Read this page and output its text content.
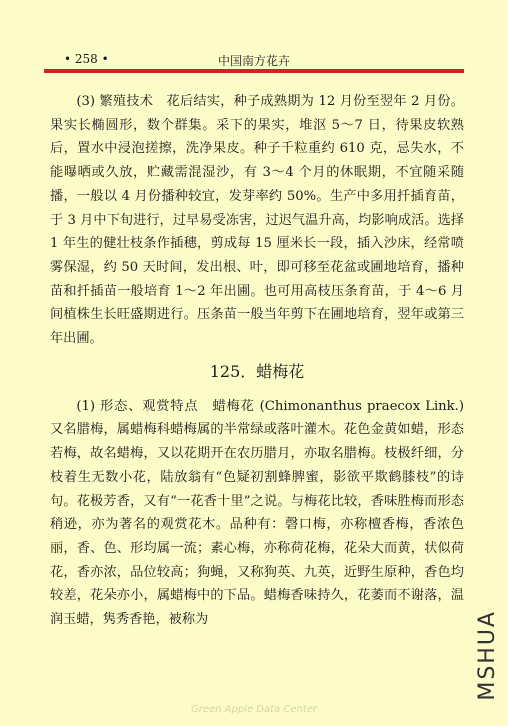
• 258 •	中国南方花卉

(3) 繁殖技术　花后结实，种子成熟期为 12 月份至翌年 2 月份。果实长椭圆形，数个群集。采下的果实，堆沤 5～7 日，待果皮软熟后，置水中浸泡搓擦，洗净果皮。种子千粒重约 610 克，忌失水，不能曝晒或久放，贮藏需混湿沙，有 3～4 个月的休眠期，不宜随采随播，一般以 4 月份播种较宜，发芽率约 50%。生产中多用扦插育苗，于 3 月中下旬进行，过早易受冻害，过迟气温升高，均影响成活。选择 1 年生的健壮枝条作插穗，剪成每 15 厘米长一段，插入沙床，经常喷雾保湿，约 50 天时间，发出根、叶，即可移至花盆或圃地培育，播种苗和扦插苗一般培育 1～2 年出圃。也可用高枝压条育苗，于 4～6 月间植株生长旺盛期进行。压条苗一般当年剪下在圃地培育，翌年或第三年出圃。

125．蜡梅花

(1) 形态、观赏特点　蜡梅花 (Chimonanthus praecox Link.) 又名腊梅，属蜡梅科蜡梅属的半常绿或落叶灌木。花色金黄如蜡，形态若梅，故名蜡梅，又以花期开在农历腊月，亦取名腊梅。枝极纤细，分枝着生无数小花，陆放翁有“色疑初割蜂脾蜜，影欲平欺鹤膝枝”的诗句。花极芳香，又有“一花香十里”之说。与梅花比较，香味胜梅而形态稍逊，亦为著名的观赏花木。品种有：磬口梅，亦称檀香梅，香浓色丽，香、色、形均属一流；素心梅，亦称荷花梅，花朵大而黄，状似荷花，香亦浓，品位较高；狗蝇，又称狗英、九英，近野生原种，香色均较差，花朵亦小，属蜡梅中的下品。蜡梅香味持久，花萎而不谢落，温润玉蜡，隽秀香艳，被称为	MSHUA
Green Apple Data Center
